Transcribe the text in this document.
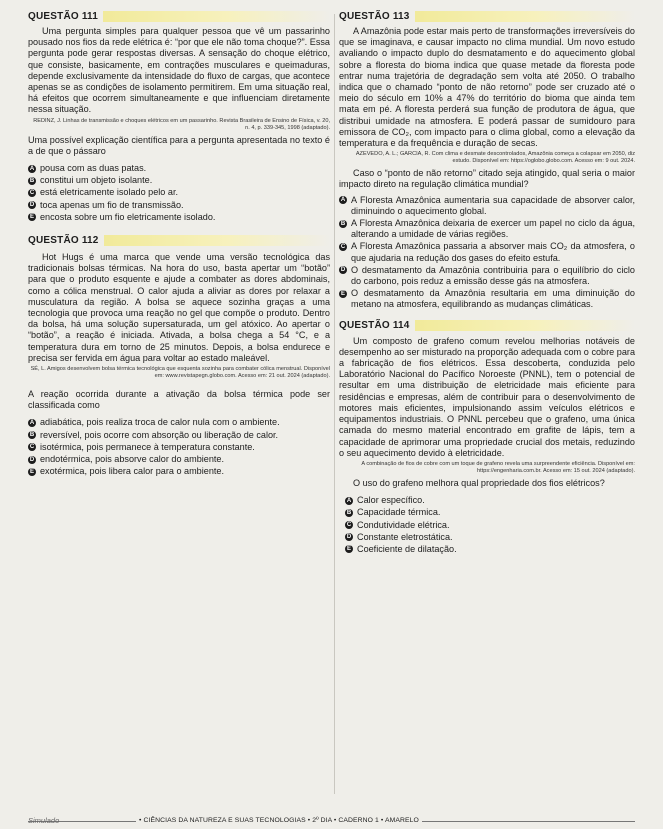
QUESTÃO 111

Uma pergunta simples para qualquer pessoa que vê um passarinho pousado nos fios da rede elétrica é: “por que ele não toma choque?”. Essa pergunta pode gerar respostas diversas. A sensação do choque elétrico, que consiste, basicamente, em contrações musculares e queimaduras, depende exclusivamente da intensidade do fluxo de cargas, que acontece apenas se as condições de isolamento permitirem. Em uma situação real, há efeitos que ocorrem simultaneamente e que influenciam diretamente nessa situação.

REDINZ, J. Linhas de transmissão e choques elétricos em um passarinho. Revista Brasileira de Ensino de Física, v. 20, n. 4, p. 339-345, 1998 (adaptado).

Uma possível explicação científica para a pergunta apresentada no texto é a de que o pássaro

A pousa com as duas patas.
B constitui um objeto isolante.
C está eletricamente isolado pelo ar.
D toca apenas um fio de transmissão.
E encosta sobre um fio eletricamente isolado.
QUESTÃO 112

Hot Hugs é uma marca que vende uma versão tecnológica das tradicionais bolsas térmicas. Na hora do uso, basta apertar um “botão” para que o produto esquente e ajude a combater as dores abdominais, como a cólica menstrual. O calor ajuda a aliviar as dores por relaxar a musculatura da região. A bolsa se aquece sozinha graças a uma tecnologia que provoca uma reação no gel que compõe o produto. Dentro da bolsa, há uma solução supersaturada, um gel atóxico. Ao apertar o “botão”, a reação é iniciada. Ativada, a bolsa chega a 54 °C, e a temperatura dura em torno de 25 minutos. Depois, a bolsa endurece e precisa ser fervida em água para voltar ao estado maleável.

SÉ, L. Amigos desenvolvem bolsa térmica tecnológica que esquenta sozinha para combater cólica menstrual. Disponível em: www.revistapegn.globo.com. Acesso em: 21 out. 2024 (adaptado).

A reação ocorrida durante a ativação da bolsa térmica pode ser classificada como

A adiabática, pois realiza troca de calor nula com o ambiente.
B reversível, pois ocorre com absorção ou liberação de calor.
C isotérmica, pois permanece à temperatura constante.
D endotérmica, pois absorve calor do ambiente.
E exotérmica, pois libera calor para o ambiente.
QUESTÃO 113

A Amazônia pode estar mais perto de transformações irreversíveis do que se imaginava, e causar impacto no clima mundial. Um novo estudo avaliando o impacto duplo do desmatamento e do aquecimento global sobre a floresta do bioma indica que quase metade da floresta pode entrar numa trajetória de degradação sem volta até 2050. O trabalho indica que o chamado “ponto de não retorno” pode ser cruzado até o meio do século em 10% a 47% do território do bioma que ainda tem mata em pé. A floresta perderá sua função de produtora de água, que distribui umidade na atmosfera. E poderá passar de sumidouro para emissora de CO₂, com impacto para o clima global, como a elevação da temperatura e da frequência e duração de secas.

AZEVEDO, A. L.; GARCIA, R. Com clima e desmate descontrolados, Amazônia começa a colapsar em 2050, diz estudo. Disponível em: https://oglobo.globo.com. Acesso em: 9 out. 2024.

Caso o “ponto de não retorno” citado seja atingido, qual seria o maior impacto direto na regulação climática mundial?

A A Floresta Amazônica aumentaria sua capacidade de absorver calor, diminuindo o aquecimento global.
B A Floresta Amazônica deixaria de exercer um papel no ciclo da água, alterando a umidade de várias regiões.
C A Floresta Amazônica passaria a absorver mais CO₂ da atmosfera, o que ajudaria na redução dos gases do efeito estufa.
D O desmatamento da Amazônia contribuiria para o equilíbrio do ciclo do carbono, pois reduz a emissão desse gás na atmosfera.
E O desmatamento da Amazônia resultaria em uma diminuição do metano na atmosfera, equilibrando as mudanças climáticas.
QUESTÃO 114

Um composto de grafeno comum revelou melhorias notáveis de desempenho ao ser misturado na proporção adequada com o cobre para a fabricação de fios elétricos. Essa descoberta, conduzida pelo Laboratório Nacional do Pacífico Noroeste (PNNL), tem o potencial de resultar em uma distribuição de eletricidade mais eficiente para residências e empresas, além de contribuir para o desenvolvimento de motores mais eficientes, impulsionando assim veículos elétricos e equipamentos industriais. O PNNL percebeu que o grafeno, uma única camada do mesmo material encontrado em grafite de lápis, tem a capacidade de aprimorar uma propriedade crucial dos metais, reduzindo o seu aquecimento devido à eletricidade.

A combinação de fios de cobre com um toque de grafeno revela uma surpreendente eficiência. Disponível em: https://engenharia.com.br. Acesso em: 15 out. 2024 (adaptado).

O uso do grafeno melhora qual propriedade dos fios elétricos?

A Calor específico.
B Capacidade térmica.
C Condutividade elétrica.
D Constante eletrostática.
E Coeficiente de dilatação.
Simulado	• CIÊNCIAS DA NATUREZA E SUAS TECNOLOGIAS • 2º DIA • CADERNO 1 • AMARELO
